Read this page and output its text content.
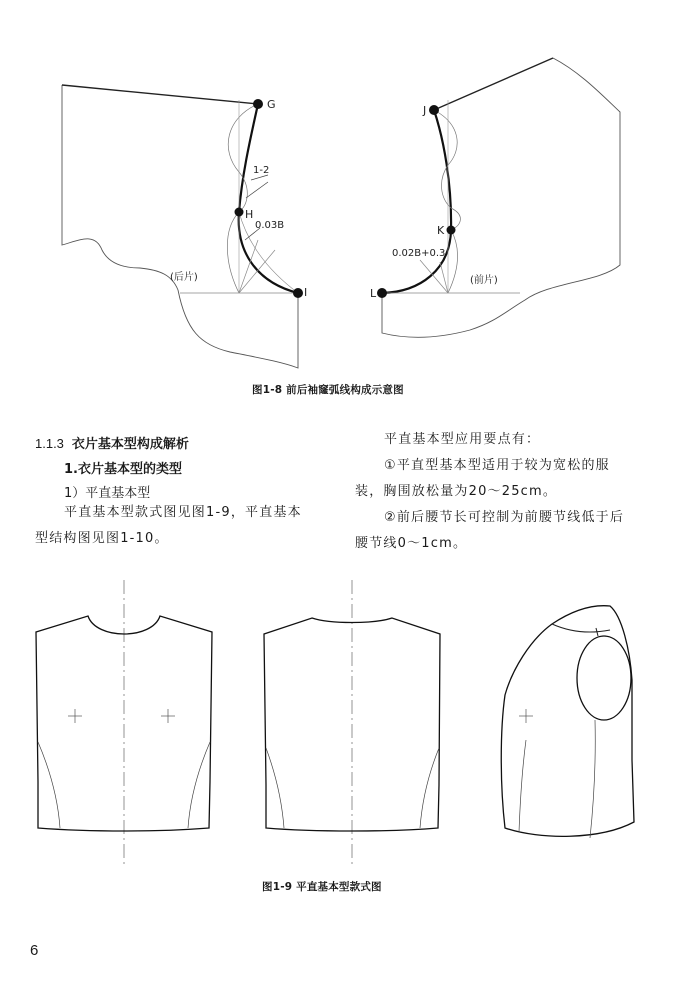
G
H
I
1-2
0.03B
(后片)
J
K
L
0.02B+0.3
(前片)
图1-8 前后袖窿弧线构成示意图
1.1.3 衣片基本型构成解析
1.衣片基本型的类型
1）平直基本型
平直基本型款式图见图1-9，平直基本
型结构图见图1-10。
平直基本型应用要点有：
①平直型基本型适用于较为宽松的服
装，胸围放松量为20～25cm。
②前后腰节长可控制为前腰节线低于后
腰节线0～1cm。
图1-9 平直基本型款式图
6
